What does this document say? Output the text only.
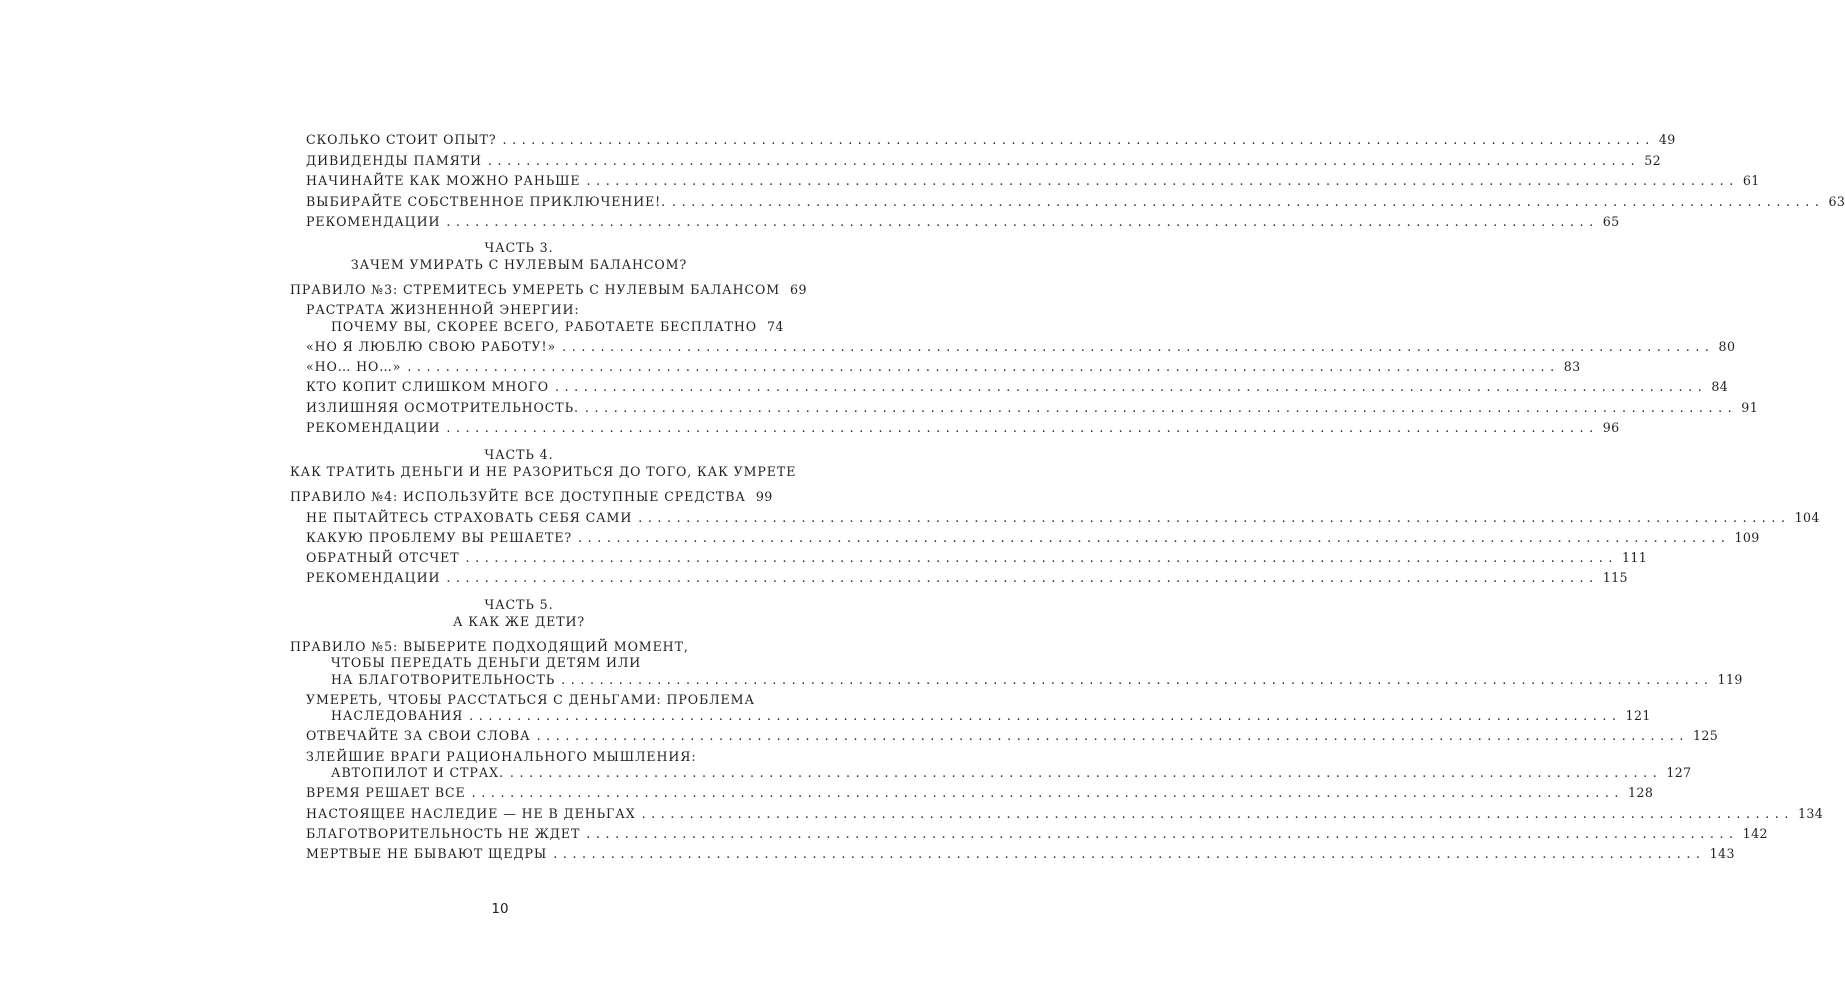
СКОЛЬКО СТОИТ ОПЫТ? ........................................................................................................................ 49
ДИВИДЕНДЫ ПАМЯТИ ........................................................................................................................ 52
НАЧИНАЙТЕ КАК МОЖНО РАНЬШЕ ........................................................................................................................ 61
ВЫБИРАЙТЕ СОБСТВЕННОЕ ПРИКЛЮЧЕНИЕ!. ........................................................................................................................ 63
РЕКОМЕНДАЦИИ ........................................................................................................................ 65
ЧАСТЬ 3.
ЗАЧЕМ УМИРАТЬ С НУЛЕВЫМ БАЛАНСОМ?
ПРАВИЛО №3: СТРЕМИТЕСЬ УМЕРЕТЬ С НУЛЕВЫМ БАЛАНСОМ 69
РАСТРАТА ЖИЗНЕННОЙ ЭНЕРГИИ:
ПОЧЕМУ ВЫ, СКОРЕЕ ВСЕГО, РАБОТАЕТЕ БЕСПЛАТНО 74
«НО Я ЛЮБЛЮ СВОЮ РАБОТУ!» ........................................................................................................................ 80
«НО… НО…» ........................................................................................................................ 83
КТО КОПИТ СЛИШКОМ МНОГО ........................................................................................................................ 84
ИЗЛИШНЯЯ ОСМОТРИТЕЛЬНОСТЬ. ........................................................................................................................ 91
РЕКОМЕНДАЦИИ ........................................................................................................................ 96
ЧАСТЬ 4.
КАК ТРАТИТЬ ДЕНЬГИ И НЕ РАЗОРИТЬСЯ ДО ТОГО, КАК УМРЕТЕ
ПРАВИЛО №4: ИСПОЛЬЗУЙТЕ ВСЕ ДОСТУПНЫЕ СРЕДСТВА 99
НЕ ПЫТАЙТЕСЬ СТРАХОВАТЬ СЕБЯ САМИ ........................................................................................................................ 104
КАКУЮ ПРОБЛЕМУ ВЫ РЕШАЕТЕ? ........................................................................................................................ 109
ОБРАТНЫЙ ОТСЧЕТ ........................................................................................................................ 111
РЕКОМЕНДАЦИИ ........................................................................................................................ 115
ЧАСТЬ 5.
А КАК ЖЕ ДЕТИ?
ПРАВИЛО №5: ВЫБЕРИТЕ ПОДХОДЯЩИЙ МОМЕНТ,
ЧТОБЫ ПЕРЕДАТЬ ДЕНЬГИ ДЕТЯМ ИЛИ
НА БЛАГОТВОРИТЕЛЬНОСТЬ ........................................................................................................................ 119
УМЕРЕТЬ, ЧТОБЫ РАССТАТЬСЯ С ДЕНЬГАМИ: ПРОБЛЕМА
НАСЛЕДОВАНИЯ ........................................................................................................................ 121
ОТВЕЧАЙТЕ ЗА СВОИ СЛОВА ........................................................................................................................ 125
ЗЛЕЙШИЕ ВРАГИ РАЦИОНАЛЬНОГО МЫШЛЕНИЯ:
АВТОПИЛОТ И СТРАХ. ........................................................................................................................ 127
ВРЕМЯ РЕШАЕТ ВСЕ ........................................................................................................................ 128
НАСТОЯЩЕЕ НАСЛЕДИЕ — НЕ В ДЕНЬГАХ ........................................................................................................................ 134
БЛАГОТВОРИТЕЛЬНОСТЬ НЕ ЖДЕТ ........................................................................................................................ 142
МЕРТВЫЕ НЕ БЫВАЮТ ЩЕДРЫ ........................................................................................................................ 143
10
